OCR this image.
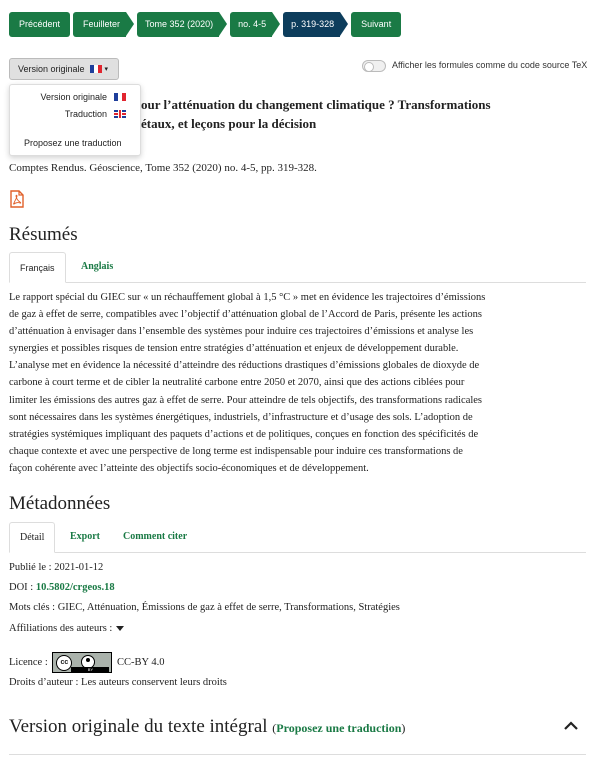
Précédent	Feuilleter	Tome 352 (2020)	no. 4-5	p. 319-328	Suivant
Version originale	▾	Afficher les formules comme du code source TeX
our l’atténuation du changement climatique ? Transformations
étaux, et leçons pour la décision
Version originale
Traduction
Proposez une traduction
Comptes Rendus. Géoscience, Tome 352 (2020) no. 4-5, pp. 319-328.
Résumés
Français	Anglais
Le rapport spécial du GIEC sur « un réchauffement global à 1,5 °C » met en évidence les trajectoires d’émissions
de gaz à effet de serre, compatibles avec l’objectif d’atténuation global de l’Accord de Paris, présente les actions
d’atténuation à envisager dans l’ensemble des systèmes pour induire ces trajectoires d’émissions et analyse les
synergies et possibles risques de tension entre stratégies d’atténuation et enjeux de développement durable.
L’analyse met en évidence la nécessité d’atteindre des réductions drastiques d’émissions globales de dioxyde de
carbone à court terme et de cibler la neutralité carbone entre 2050 et 2070, ainsi que des actions ciblées pour
limiter les émissions des autres gaz à effet de serre. Pour atteindre de tels objectifs, des transformations radicales
sont nécessaires dans les systèmes énergétiques, industriels, d’infrastructure et d’usage des sols. L’adoption de
stratégies systémiques impliquant des paquets d’actions et de politiques, conçues en fonction des spécificités de
chaque contexte et avec une perspective de long terme est indispensable pour induire ces transformations de
façon cohérente avec l’atteinte des objectifs socio-économiques et de développement.
Métadonnées
Détail	Export	Comment citer
Publié le : 2021-01-12
DOI : 10.5802/crgeos.18
Mots clés : GIEC, Atténuation, Émissions de gaz à effet de serre, Transformations, Stratégies
Affiliations des auteurs :
Licence :	cc
BY
CC-BY 4.0
Droits d’auteur : Les auteurs conservent leurs droits
Version originale du texte intégral (Proposez une traduction)
